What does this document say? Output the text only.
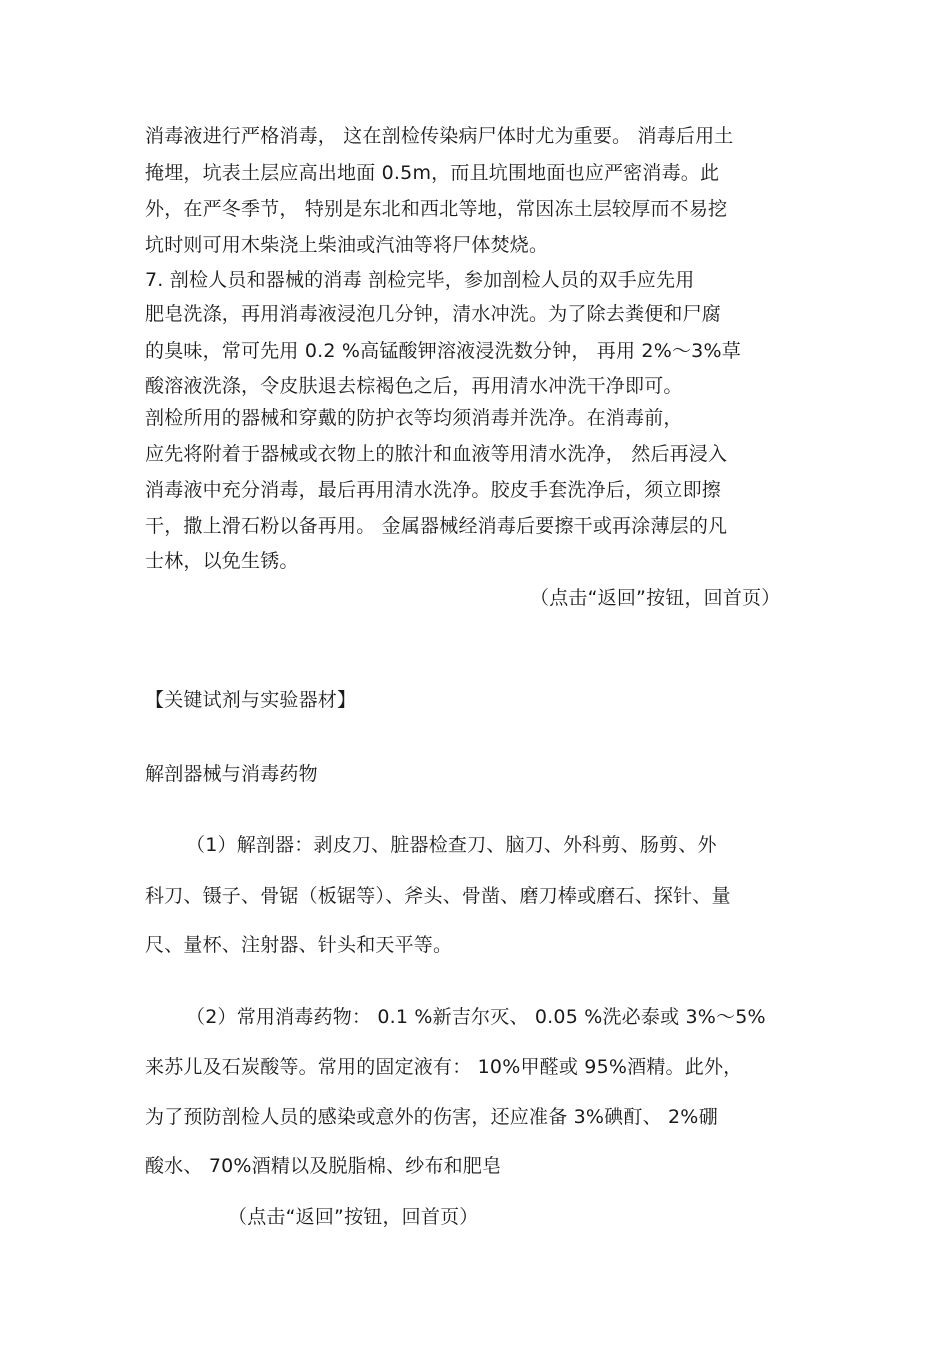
消毒液进行严格消毒， 这在剖检传染病尸体时尤为重要。 消毒后用土
掩埋，坑表土层应高出地面 0.5m，而且坑围地面也应严密消毒。此
外，在严冬季节， 特别是东北和西北等地，常因冻土层较厚而不易挖
坑时则可用木柴浇上柴油或汽油等将尸体焚烧。
7. 剖检人员和器械的消毒 剖检完毕，参加剖检人员的双手应先用
肥皂洗涤，再用消毒液浸泡几分钟，清水冲洗。为了除去粪便和尸腐
的臭味，常可先用 0.2 %高锰酸钾溶液浸洗数分钟， 再用 2%～3%草
酸溶液洗涤，令皮肤退去棕褐色之后，再用清水冲洗干净即可。
剖检所用的器械和穿戴的防护衣等均须消毒并洗净。在消毒前，
应先将附着于器械或衣物上的脓汁和血液等用清水洗净， 然后再浸入
消毒液中充分消毒，最后再用清水洗净。胶皮手套洗净后，须立即擦
干，撒上滑石粉以备再用。 金属器械经消毒后要擦干或再涂薄层的凡
士林，以免生锈。
（点击“返回”按钮，回首页）
【关键试剂与实验器材】
解剖器械与消毒药物
（1）解剖器：剥皮刀、脏器检查刀、脑刀、外科剪、肠剪、外
科刀、镊子、骨锯（板锯等）、斧头、骨凿、磨刀棒或磨石、探针、量
尺、量杯、注射器、针头和天平等。
（2）常用消毒药物： 0.1 %新吉尔灭、 0.05 %洗必泰或 3%～5%
来苏儿及石炭酸等。常用的固定液有： 10%甲醛或 95%酒精。此外，
为了预防剖检人员的感染或意外的伤害，还应准备 3%碘酊、 2%硼
酸水、 70%酒精以及脱脂棉、纱布和肥皂
（点击“返回”按钮，回首页）
